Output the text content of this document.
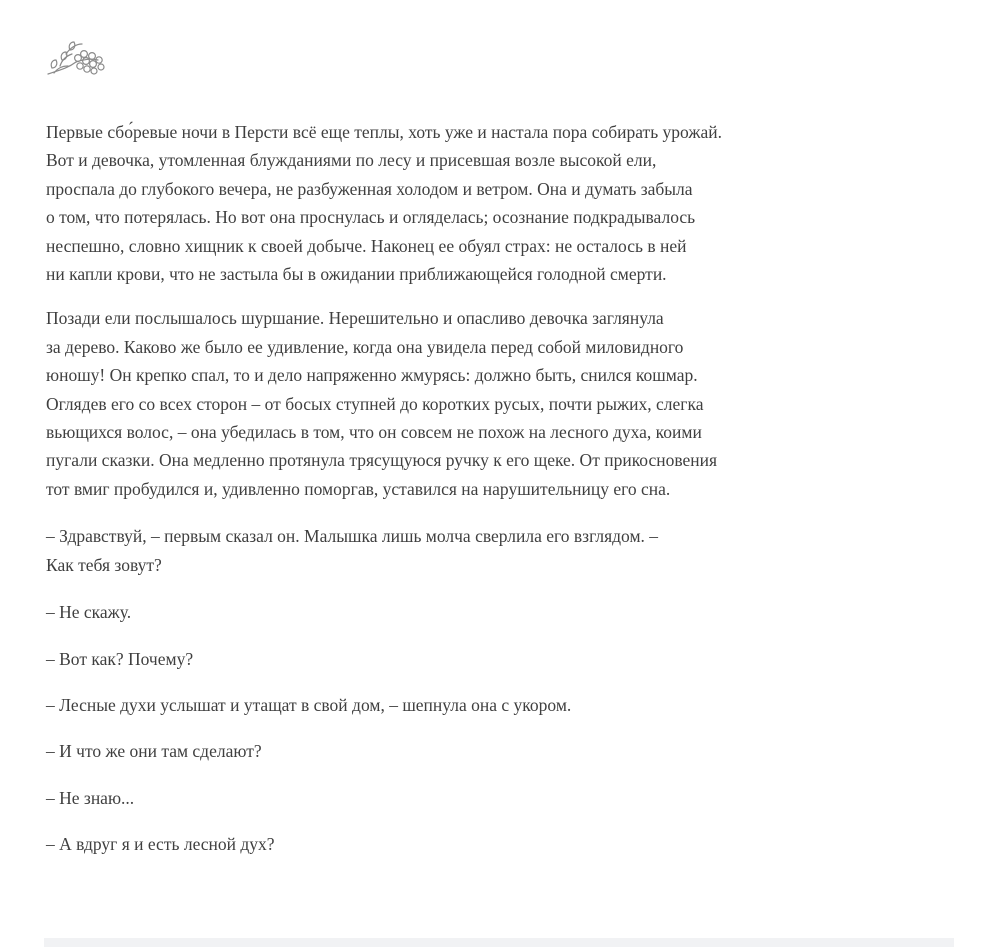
Первые сбо́ревые ночи в Персти всё еще теплы, хоть уже и настала пора собирать урожай.
Вот и девочка, утомленная блужданиями по лесу и присевшая возле высокой ели,
проспала до глубокого вечера, не разбуженная холодом и ветром. Она и думать забыла
о том, что потерялась. Но вот она проснулась и огляделась; осознание подкрадывалось
неспешно, словно хищник к своей добыче. Наконец ее обуял страх: не осталось в ней
ни капли крови, что не застыла бы в ожидании приближающейся голодной смерти.

Позади ели послышалось шуршание. Нерешительно и опасливо девочка заглянула
за дерево. Каково же было ее удивление, когда она увидела перед собой миловидного
юношу! Он крепко спал, то и дело напряженно жмурясь: должно быть, снился кошмар.
Оглядев его со всех сторон – от босых ступней до коротких русых, почти рыжих, слегка
вьющихся волос, – она убедилась в том, что он совсем не похож на лесного духа, коими
пугали сказки. Она медленно протянула трясущуюся ручку к его щеке. От прикосновения
тот вмиг пробудился и, удивленно поморгав, уставился на нарушительницу его сна.

– Здравствуй, – первым сказал он. Малышка лишь молча сверлила его взглядом. –
Как тебя зовут?

– Не скажу.

– Вот как? Почему?

– Лесные духи услышат и утащат в свой дом, – шепнула она с укором.

– И что же они там сделают?

– Не знаю...

– А вдруг я и есть лесной дух?
